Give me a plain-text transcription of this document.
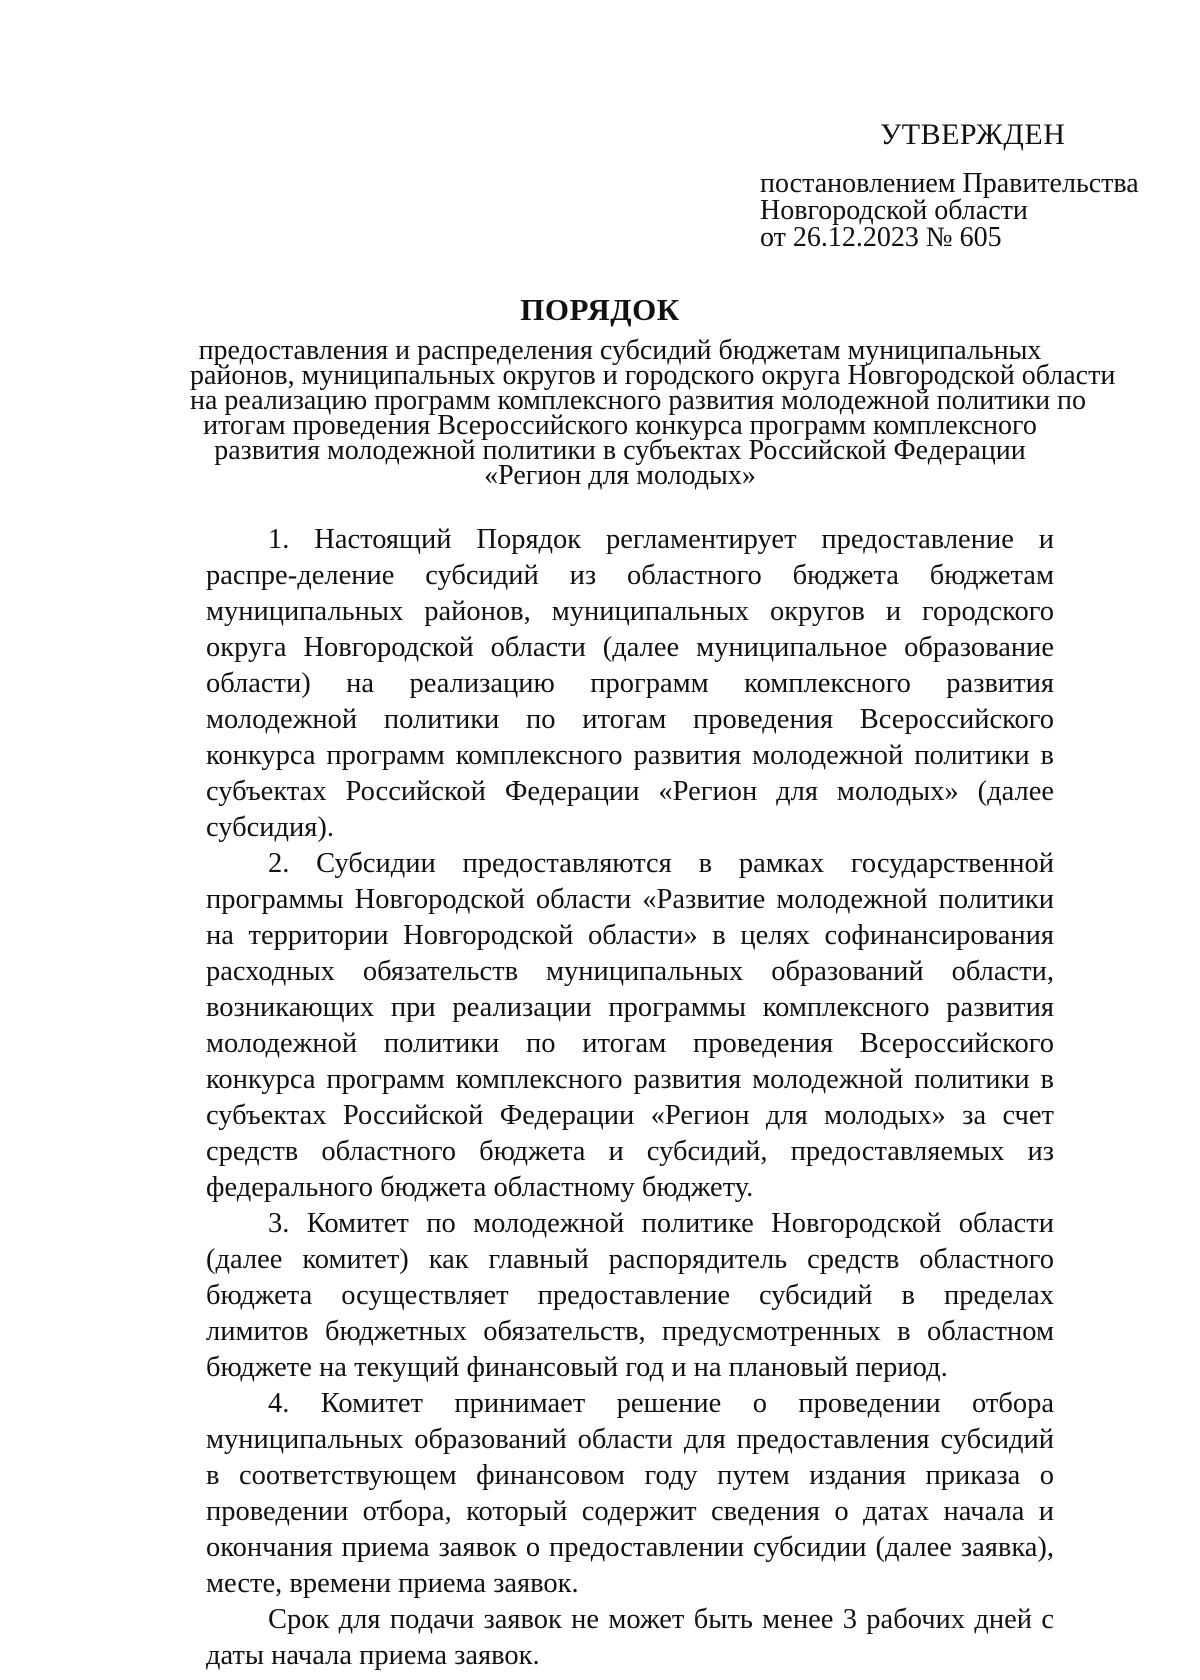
УТВЕРЖДЕН

постановлением Правительства

Новгородской области

от 26.12.2023 № 605

ПОРЯДОК

предоставления и распределения субсидий бюджетам муниципальных
районов, муниципальных округов и городского округа Новгородской области
на реализацию программ комплексного развития молодежной политики по
итогам проведения Всероссийского конкурса программ комплексного
развития молодежной политики в субъектах Российской Федерации
«Регион для молодых»

1. Настоящий Порядок регламентирует предоставление и распре-деление субсидий из областного бюджета бюджетам муниципальных районов, муниципальных округов и городского округа Новгородской области (далее муниципальное образование области) на реализацию программ комплексного развития молодежной политики по итогам проведения Всероссийского конкурса программ комплексного развития молодежной политики в субъектах Российской Федерации «Регион для молодых» (далее субсидия).

2. Субсидии предоставляются в рамках государственной программы Новгородской области «Развитие молодежной политики на территории Новгородской области» в целях софинансирования расходных обязательств муниципальных образований области, возникающих при реализации программы комплексного развития молодежной политики по итогам проведения Всероссийского конкурса программ комплексного развития молодежной политики в субъектах Российской Федерации «Регион для молодых» за счет средств областного бюджета и субсидий, предоставляемых из федерального бюджета областному бюджету.

3. Комитет по молодежной политике Новгородской области (далее комитет) как главный распорядитель средств областного бюджета осуществляет предоставление субсидий в пределах лимитов бюджетных обязательств, предусмотренных в областном бюджете на текущий финансовый год и на плановый период.

4. Комитет принимает решение о проведении отбора муниципальных образований области для предоставления субсидий в соответствующем финансовом году путем издания приказа о проведении отбора, который содержит сведения о датах начала и окончания приема заявок о предоставлении субсидии (далее заявка), месте, времени приема заявок.

Срок для подачи заявок не может быть менее 3 рабочих дней с даты начала приема заявок.
